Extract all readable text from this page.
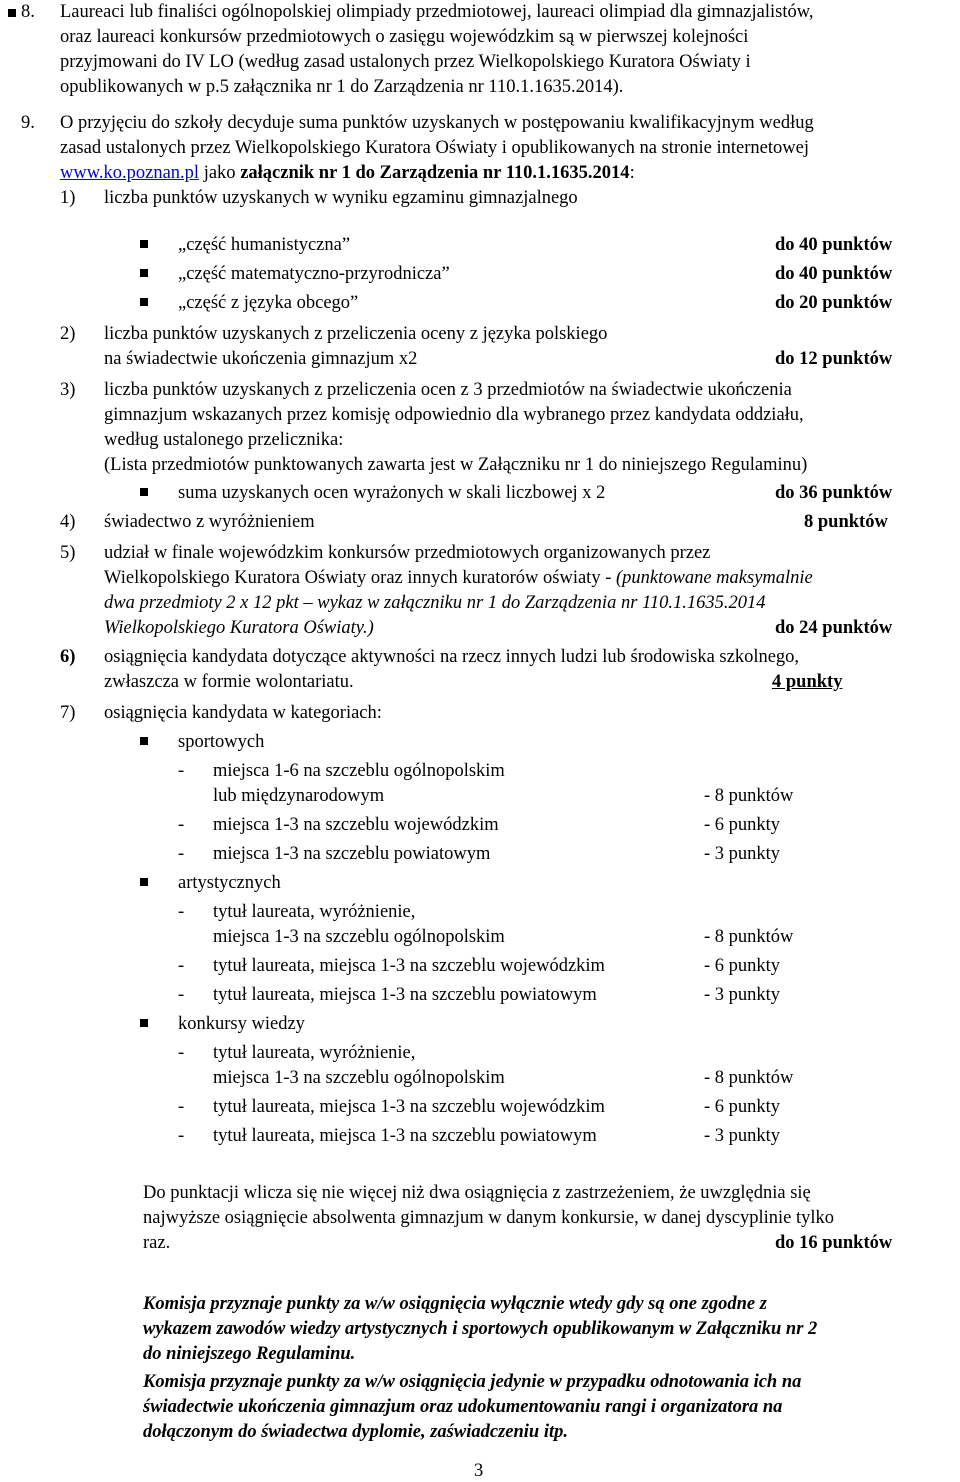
8. Laureaci lub finaliści ogólnopolskiej olimpiady przedmiotowej, laureaci olimpiad dla gimnazjalistów,
oraz laureaci konkursów przedmiotowych o zasięgu wojewódzkim są w pierwszej kolejności
przyjmowani do IV LO (według zasad ustalonych przez Wielkopolskiego Kuratora Oświaty i
opublikowanych w p.5 załącznika nr 1 do Zarządzenia nr 110.1.1635.2014).
9. O przyjęciu do szkoły decyduje suma punktów uzyskanych w postępowaniu kwalifikacyjnym według
zasad ustalonych przez Wielkopolskiego Kuratora Oświaty i opublikowanych na stronie internetowej
www.ko.poznan.pl jako załącznik nr 1 do Zarządzenia nr 110.1.1635.2014:
1) liczba punktów uzyskanych w wyniku egzaminu gimnazjalnego
„część humanistyczna”	do 40 punktów
„część matematyczno-przyrodnicza”	do 40 punktów
„część z języka obcego”	do 20 punktów
2) liczba punktów uzyskanych z przeliczenia oceny z języka polskiego
na świadectwie ukończenia gimnazjum x2	do 12 punktów
3) liczba punktów uzyskanych z przeliczenia ocen z 3 przedmiotów na świadectwie ukończenia
gimnazjum wskazanych przez komisję odpowiednio dla wybranego przez kandydata oddziału,
według ustalonego przelicznika:
(Lista przedmiotów punktowanych zawarta jest w Załączniku nr 1 do niniejszego Regulaminu)
suma uzyskanych ocen wyrażonych w skali liczbowej x 2	do 36 punktów
4) świadectwo z wyróżnieniem	8 punktów
5) udział w finale wojewódzkim konkursów przedmiotowych organizowanych przez
Wielkopolskiego Kuratora Oświaty oraz innych kuratorów oświaty - (punktowane maksymalnie
dwa przedmioty 2 x 12 pkt – wykaz w załączniku nr 1 do Zarządzenia nr 110.1.1635.2014
Wielkopolskiego Kuratora Oświaty.)	do 24 punktów
6) osiągnięcia kandydata dotyczące aktywności na rzecz innych ludzi lub środowiska szkolnego,
zwłaszcza w formie wolontariatu.	4 punkty
7) osiągnięcia kandydata w kategoriach:
sportowych
- miejsca 1-6 na szczeblu ogólnopolskim
lub międzynarodowym	- 8 punktów
- miejsca 1-3 na szczeblu wojewódzkim	- 6 punkty
- miejsca 1-3 na szczeblu powiatowym	- 3 punkty
artystycznych
- tytuł laureata, wyróżnienie,
miejsca 1-3 na szczeblu ogólnopolskim	- 8 punktów
- tytuł laureata, miejsca 1-3 na szczeblu wojewódzkim	- 6 punkty
- tytuł laureata, miejsca 1-3 na szczeblu powiatowym	- 3 punkty
konkursy wiedzy
- tytuł laureata, wyróżnienie,
miejsca 1-3 na szczeblu ogólnopolskim	- 8 punktów
- tytuł laureata, miejsca 1-3 na szczeblu wojewódzkim	- 6 punkty
- tytuł laureata, miejsca 1-3 na szczeblu powiatowym	- 3 punkty
Do punktacji wlicza się nie więcej niż dwa osiągnięcia z zastrzeżeniem, że uwzględnia się
najwyższe osiągnięcie absolwenta gimnazjum w danym konkursie, w danej dyscyplinie tylko
raz.	do 16 punktów
Komisja przyznaje punkty za w/w osiągnięcia wyłącznie wtedy gdy są one zgodne z
wykazem zawodów wiedzy artystycznych i sportowych opublikowanym w Załączniku nr 2
do niniejszego Regulaminu.
Komisja przyznaje punkty za w/w osiągnięcia jedynie w przypadku odnotowania ich na
świadectwie ukończenia gimnazjum oraz udokumentowaniu rangi i organizatora na
dołączonym do świadectwa dyplomie, zaświadczeniu itp.
3
